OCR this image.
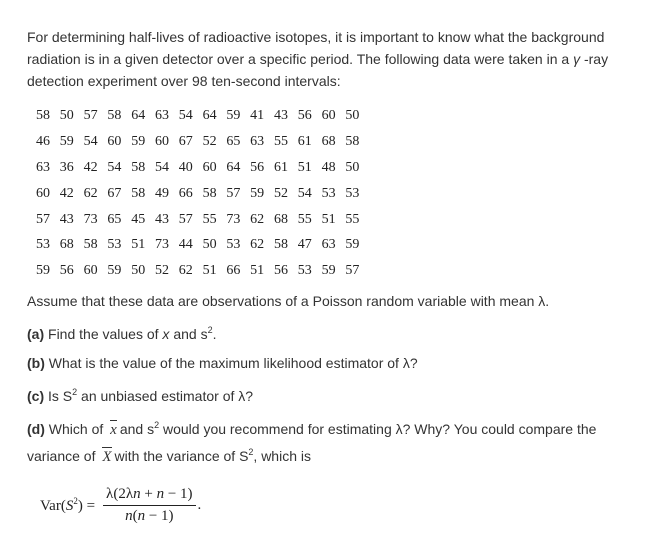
For determining half-lives of radioactive isotopes, it is important to know what the background radiation is in a given detector over a specific period. The following data were taken in a γ -ray detection experiment over 98 ten-second intervals:

58	50	57	58	64	63	54	64	59	41	43	56	60	50
46	59	54	60	59	60	67	52	65	63	55	61	68	58
63	36	42	54	58	54	40	60	64	56	61	51	48	50
60	42	62	67	58	49	66	58	57	59	52	54	53	53
57	43	73	65	45	43	57	55	73	62	68	55	51	55
53	68	58	53	51	73	44	50	53	62	58	47	63	59
59	56	60	59	50	52	62	51	66	51	56	53	59	57

Assume that these data are observations of a Poisson random variable with mean λ.

(a) Find the values of x and $s^2$.

(b) What is the value of the maximum likelihood estimator of λ?

(c) Is $S^2$ an unbiased estimator of λ?

(d) Which of x and $s^2$ would you recommend for estimating λ? Why? You could compare the variance of X with the variance of $S^2$, which is

$Var(S^2) = \frac{\lambda(2\lambda n + n - 1)}{n(n - 1)}$ .
